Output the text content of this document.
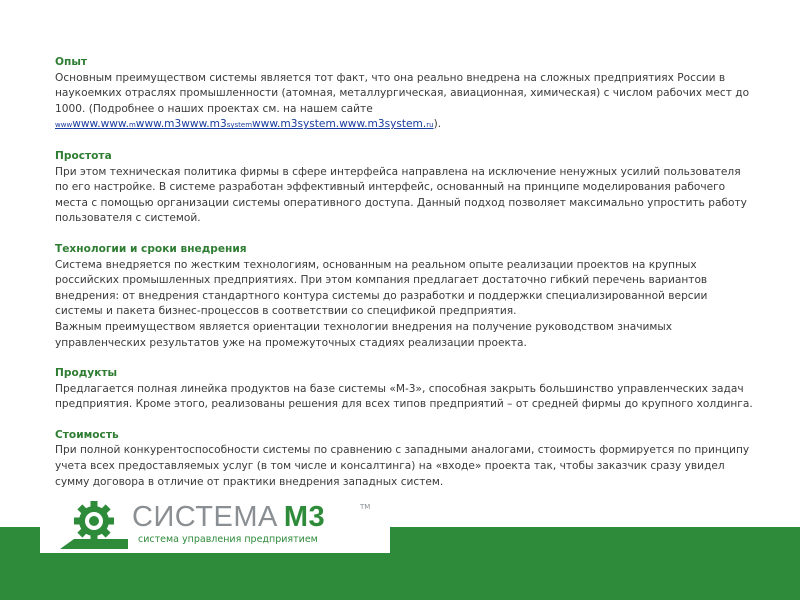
Опыт

Основным преимуществом системы является тот факт, что она реально внедрена на сложных предприятиях России в наукоемких отраслях промышленности (атомная, металлургическая, авиационная, химическая) с числом рабочих мест до 1000. (Подробнее о наших проектах см. на нашем сайте

wwwwww.www.mwww.m3www.m3systemwww.m3system.www.m3system.ru).
Простота

При этом техническая политика фирмы в сфере интерфейса направлена на исключение ненужных усилий пользователя по его настройке. В системе разработан эффективный интерфейс, основанный на принципе моделирования рабочего места с помощью организации системы оперативного доступа. Данный подход позволяет максимально упростить работу пользователя с системой.

Технологии и сроки внедрения

Система внедряется по жестким технологиям, основанным на реальном опыте реализации проектов на крупных российских промышленных предприятиях. При этом компания предлагает достаточно гибкий перечень вариантов внедрения: от внедрения стандартного контура системы до разработки и поддержки специализированной версии системы и пакета бизнес-процессов в соответствии со спецификой предприятия.

Важным преимуществом является ориентации технологии внедрения на получение руководством значимых управленческих результатов уже на промежуточных стадиях реализации проекта.

Продукты

Предлагается полная линейка продуктов на базе системы «М-3», способная закрыть большинство управленческих задач предприятия. Кроме этого, реализованы решения для всех типов предприятий – от средней фирмы до крупного холдинга.

Стоимость

При полной конкурентоспособности системы по сравнению с западными аналогами, стоимость формируется по принципу учета всех предоставляемых услуг (в том числе и консалтинга) на «входе» проекта так, чтобы заказчик сразу увидел сумму договора в отличие от практики внедрения западных систем.

СИСТЕМА М3	TM
система управления предприятием
